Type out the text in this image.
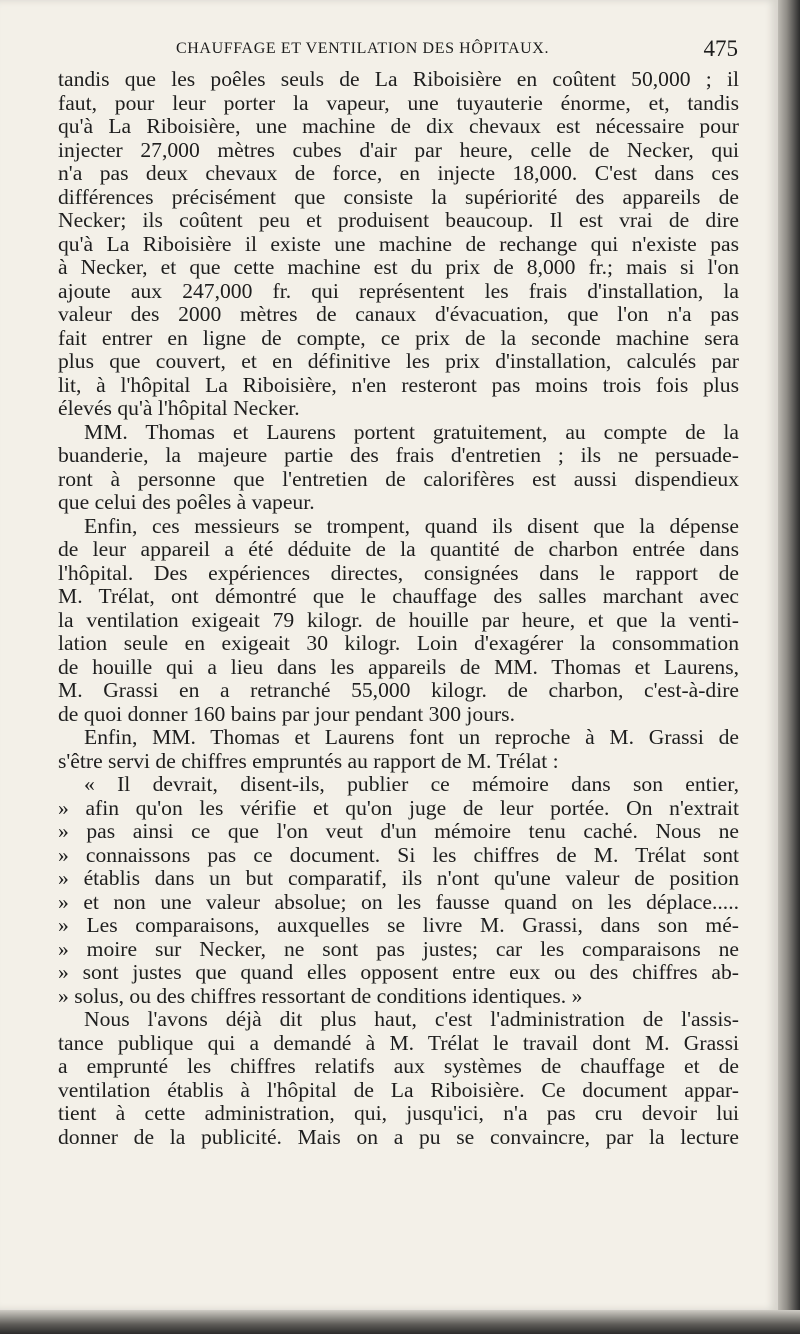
CHAUFFAGE ET VENTILATION DES HÔPITAUX.	475
tandis que les poêles seuls de La Riboisière en coûtent 50,000 ; il
faut, pour leur porter la vapeur, une tuyauterie énorme, et, tandis
qu'à La Riboisière, une machine de dix chevaux est nécessaire pour
injecter 27,000 mètres cubes d'air par heure, celle de Necker, qui
n'a pas deux chevaux de force, en injecte 18,000. C'est dans ces
différences précisément que consiste la supériorité des appareils de
Necker; ils coûtent peu et produisent beaucoup. Il est vrai de dire
qu'à La Riboisière il existe une machine de rechange qui n'existe pas
à Necker, et que cette machine est du prix de 8,000 fr.; mais si l'on
ajoute aux 247,000 fr. qui représentent les frais d'installation, la
valeur des 2000 mètres de canaux d'évacuation, que l'on n'a pas
fait entrer en ligne de compte, ce prix de la seconde machine sera
plus que couvert, et en définitive les prix d'installation, calculés par
lit, à l'hôpital La Riboisière, n'en resteront pas moins trois fois plus
élevés qu'à l'hôpital Necker.
MM. Thomas et Laurens portent gratuitement, au compte de la
buanderie, la majeure partie des frais d'entretien ; ils ne persuade-
ront à personne que l'entretien de calorifères est aussi dispendieux
que celui des poêles à vapeur.
Enfin, ces messieurs se trompent, quand ils disent que la dépense
de leur appareil a été déduite de la quantité de charbon entrée dans
l'hôpital. Des expériences directes, consignées dans le rapport de
M. Trélat, ont démontré que le chauffage des salles marchant avec
la ventilation exigeait 79 kilogr. de houille par heure, et que la venti-
lation seule en exigeait 30 kilogr. Loin d'exagérer la consommation
de houille qui a lieu dans les appareils de MM. Thomas et Laurens,
M. Grassi en a retranché 55,000 kilogr. de charbon, c'est-à-dire
de quoi donner 160 bains par jour pendant 300 jours.
Enfin, MM. Thomas et Laurens font un reproche à M. Grassi de
s'être servi de chiffres empruntés au rapport de M. Trélat :
« Il devrait, disent-ils, publier ce mémoire dans son entier,
» afin qu'on les vérifie et qu'on juge de leur portée. On n'extrait
» pas ainsi ce que l'on veut d'un mémoire tenu caché. Nous ne
» connaissons pas ce document. Si les chiffres de M. Trélat sont
» établis dans un but comparatif, ils n'ont qu'une valeur de position
» et non une valeur absolue; on les fausse quand on les déplace.....
» Les comparaisons, auxquelles se livre M. Grassi, dans son mé-
» moire sur Necker, ne sont pas justes; car les comparaisons ne
» sont justes que quand elles opposent entre eux ou des chiffres ab-
» solus, ou des chiffres ressortant de conditions identiques. »
Nous l'avons déjà dit plus haut, c'est l'administration de l'assis-
tance publique qui a demandé à M. Trélat le travail dont M. Grassi
a emprunté les chiffres relatifs aux systèmes de chauffage et de
ventilation établis à l'hôpital de La Riboisière. Ce document appar-
tient à cette administration, qui, jusqu'ici, n'a pas cru devoir lui
donner de la publicité. Mais on a pu se convaincre, par la lecture
